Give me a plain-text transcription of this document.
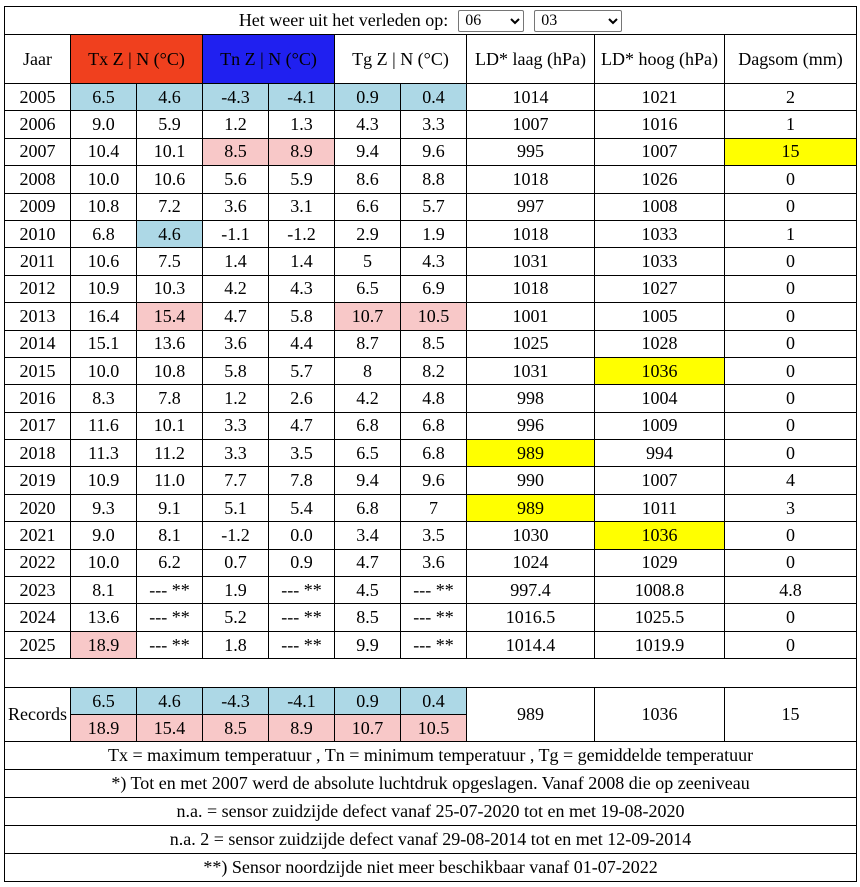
Het weer uit het verleden op:
06
03

Jaar	Tx Z | N (°C)		Tn Z | N (°C)		Tg Z | N (°C)		LD* laag (hPa)	LD* hoog (hPa)	Dagsom (mm)
2005	6.5	4.6	-4.3	-4.1	0.9	0.4	1014	1021	2
2006	9.0	5.9	1.2	1.3	4.3	3.3	1007	1016	1
2007	10.4	10.1	8.5	8.9	9.4	9.6	995	1007	15
2008	10.0	10.6	5.6	5.9	8.6	8.8	1018	1026	0
2009	10.8	7.2	3.6	3.1	6.6	5.7	997	1008	0
2010	6.8	4.6	-1.1	-1.2	2.9	1.9	1018	1033	1
2011	10.6	7.5	1.4	1.4	5	4.3	1031	1033	0
2012	10.9	10.3	4.2	4.3	6.5	6.9	1018	1027	0
2013	16.4	15.4	4.7	5.8	10.7	10.5	1001	1005	0
2014	15.1	13.6	3.6	4.4	8.7	8.5	1025	1028	0
2015	10.0	10.8	5.8	5.7	8	8.2	1031	1036	0
2016	8.3	7.8	1.2	2.6	4.2	4.8	998	1004	0
2017	11.6	10.1	3.3	4.7	6.8	6.8	996	1009	0
2018	11.3	11.2	3.3	3.5	6.5	6.8	989	994	0
2019	10.9	11.0	7.7	7.8	9.4	9.6	990	1007	4
2020	9.3	9.1	5.1	5.4	6.8	7	989	1011	3
2021	9.0	8.1	-1.2	0.0	3.4	3.5	1030	1036	0
2022	10.0	6.2	0.7	0.9	4.7	3.6	1024	1029	0
2023	8.1	--- **	1.9	--- **	4.5	--- **	997.4	1008.8	4.8
2024	13.6	--- **	5.2	--- **	8.5	--- **	1016.5	1025.5	0
2025	18.9	--- **	1.8	--- **	9.9	--- **	1014.4	1019.9	0

Records	6.5	4.6	-4.3	-4.1	0.9	0.4	989	1036	15
	18.9	15.4	8.5	8.9	10.7	10.5			
Tx = maximum temperatuur , Tn = minimum temperatuur , Tg = gemiddelde temperatuur									
*) Tot en met 2007 werd de absolute luchtdruk opgeslagen. Vanaf 2008 die op zeeniveau									
n.a. = sensor zuidzijde defect vanaf 25-07-2020 tot en met 19-08-2020									
n.a. 2 = sensor zuidzijde defect vanaf 29-08-2014 tot en met 12-09-2014									
**) Sensor noordzijde niet meer beschikbaar vanaf 01-07-2022									
